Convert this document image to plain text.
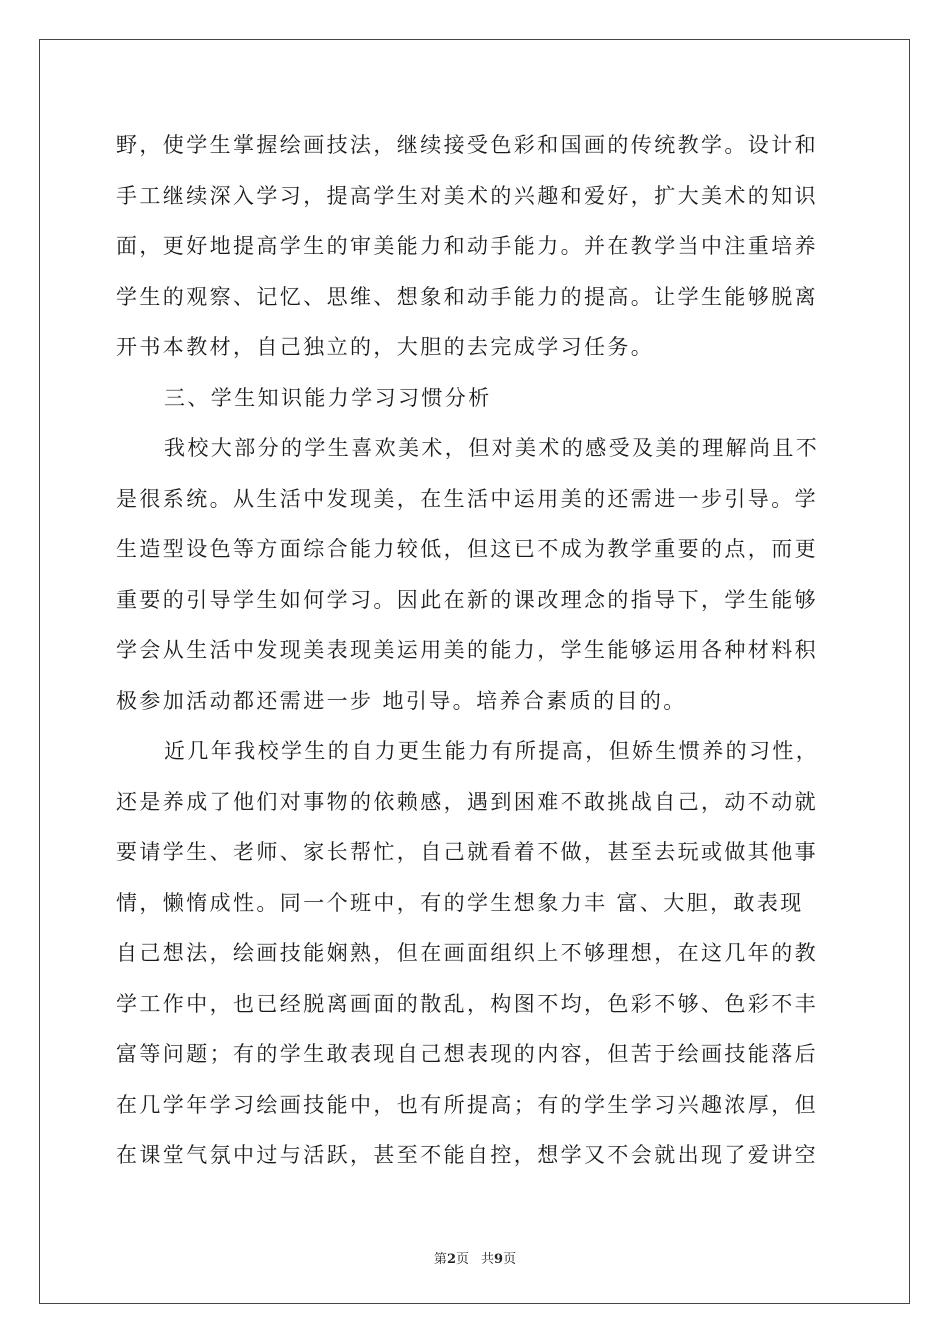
野，使学生掌握绘画技法，继续接受色彩和国画的传统教学。设计和
手工继续深入学习，提高学生对美术的兴趣和爱好，扩大美术的知识
面，更好地提高学生的审美能力和动手能力。并在教学当中注重培养
学生的观察、记忆、思维、想象和动手能力的提高。让学生能够脱离
开书本教材，自己独立的，大胆的去完成学习任务。
三、学生知识能力学习习惯分析
我校大部分的学生喜欢美术，但对美术的感受及美的理解尚且不
是很系统。从生活中发现美，在生活中运用美的还需进一步引导。学
生造型设色等方面综合能力较低，但这已不成为教学重要的点，而更
重要的引导学生如何学习。因此在新的课改理念的指导下，学生能够
学会从生活中发现美表现美运用美的能力，学生能够运用各种材料积
极参加活动都还需进一步 地引导。培养合素质的目的。
近几年我校学生的自力更生能力有所提高，但娇生惯养的习性，
还是养成了他们对事物的依赖感，遇到困难不敢挑战自己，动不动就
要请学生、老师、家长帮忙，自己就看着不做，甚至去玩或做其他事
情，懒惰成性。同一个班中，有的学生想象力丰 富、大胆，敢表现
自己想法，绘画技能娴熟，但在画面组织上不够理想，在这几年的教
学工作中，也已经脱离画面的散乱，构图不均，色彩不够、色彩不丰
富等问题；有的学生敢表现自己想表现的内容，但苦于绘画技能落后
在几学年学习绘画技能中，也有所提高；有的学生学习兴趣浓厚，但
在课堂气氛中过与活跃，甚至不能自控，想学又不会就出现了爱讲空
第2页 共9页
